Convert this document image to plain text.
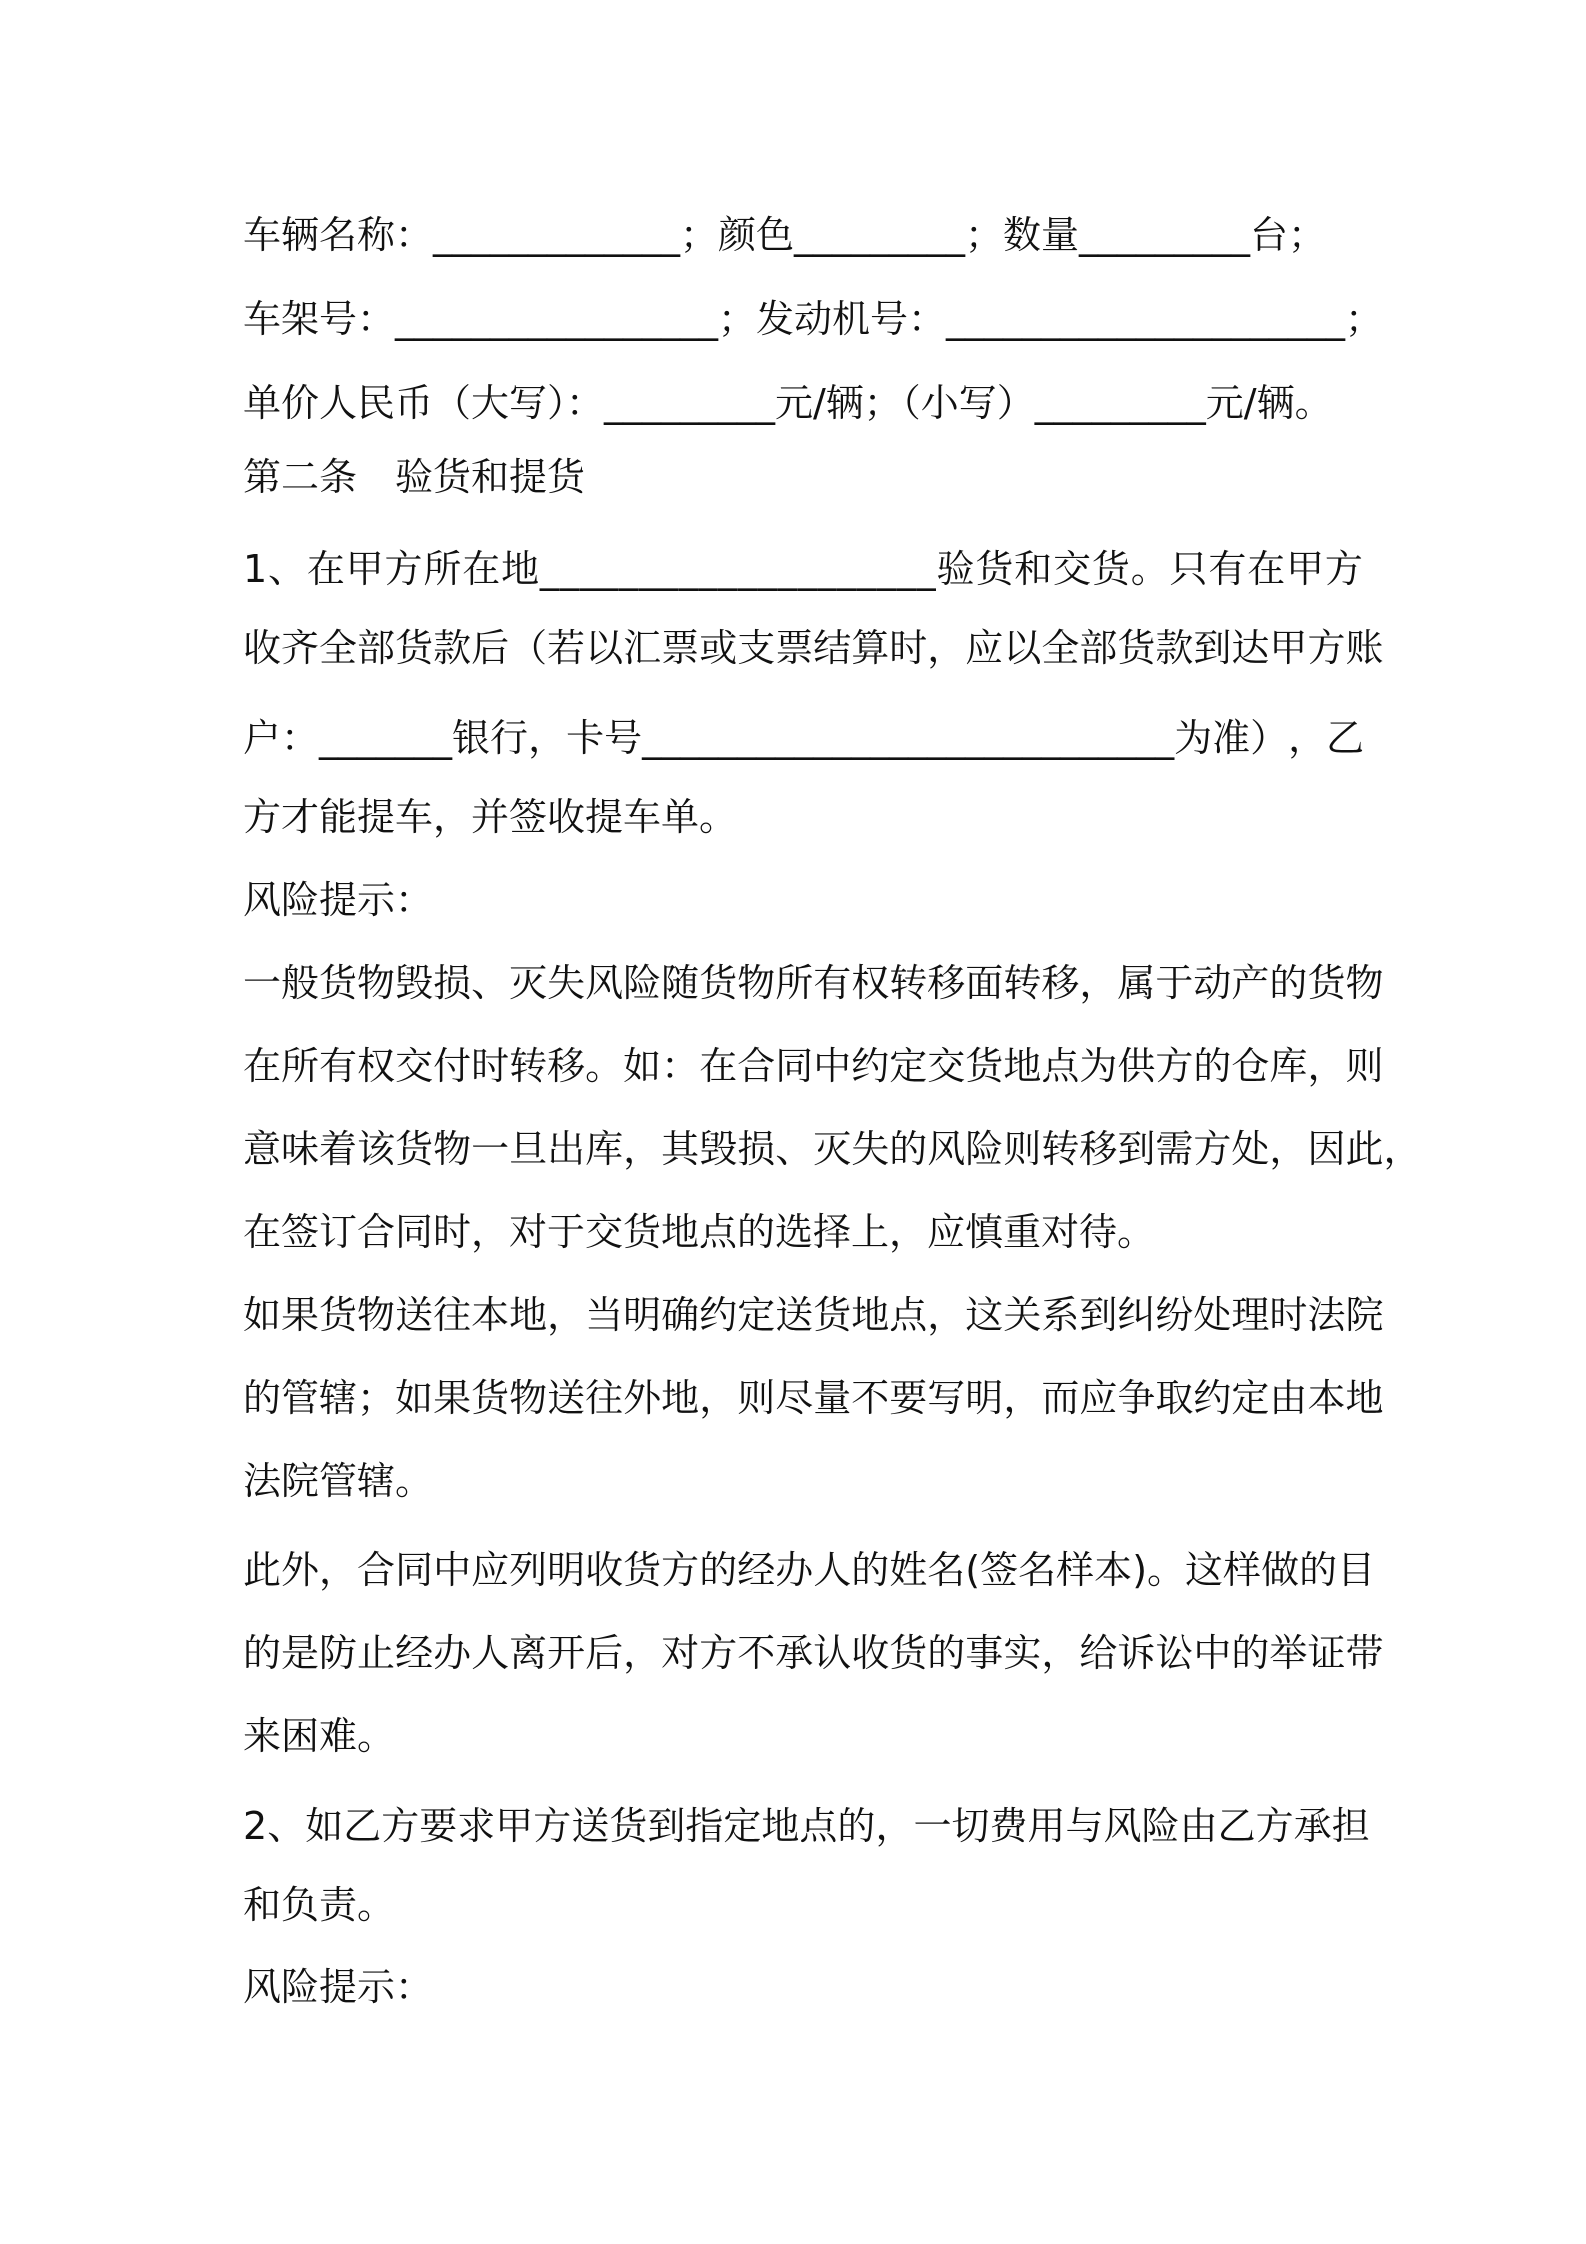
车辆名称：_____________；颜色_________；数量_________台；
车架号：_________________；发动机号：_____________________；
单价人民币（大写）：_________元/辆；（小写）_________元/辆。
第二条　验货和提货
1 、 在 甲 方 所 在 地 _ _ _ _ _ _ _ _ _ _ _ _ _ _ _ _ _ _ _ _ 验 货 和 交 货 。 只 有 在 甲 方
收 齐 全 部 货 款 后 （ 若 以 汇 票 或 支 票 结 算 时 ， 应 以 全 部 货 款 到 达 甲 方 账
户 ： _ _ _ _ _ _ _ 银 行 ， 卡 号 _ _ _ _ _ _ _ _ _ _ _ _ _ _ _ _ _ _ _ _ _ _ _ _ _ _ _ _ 为 准 ） ， 乙
方才能提车，并签收提车单。
风险提示：
一 般 货 物 毁 损 、 灭 失 风 险 随 货 物 所 有 权 转 移 面 转 移 ， 属 于 动 产 的 货 物
在 所 有 权 交 付 时 转 移 。 如 ： 在 合 同 中 约 定 交 货 地 点 为 供 方 的 仓 库 ， 则
意 味 着 该 货 物 一 旦 出 库 ， 其 毁 损 、 灭 失 的 风 险 则 转 移 到 需 方 处 ， 因 此 ，
在签订合同时，对于交货地点的选择上，应慎重对待。
如 果 货 物 送 往 本 地 ， 当 明 确 约 定 送 货 地 点 ， 这 关 系 到 纠 纷 处 理 时 法 院
的 管 辖 ； 如 果 货 物 送 往 外 地 ， 则 尽 量 不 要 写 明 ， 而 应 争 取 约 定 由 本 地
法院管辖。
此 外 ， 合 同 中 应 列 明 收 货 方 的 经 办 人 的 姓 名 ( 签 名 样 本 ) 。 这 样 做 的 目
的 是 防 止 经 办 人 离 开 后 ， 对 方 不 承 认 收 货 的 事 实 ， 给 诉 讼 中 的 举 证 带
来困难。
2 、 如 乙 方 要 求 甲 方 送 货 到 指 定 地 点 的 ， 一 切 费 用 与 风 险 由 乙 方 承 担
和负责。
风险提示：
